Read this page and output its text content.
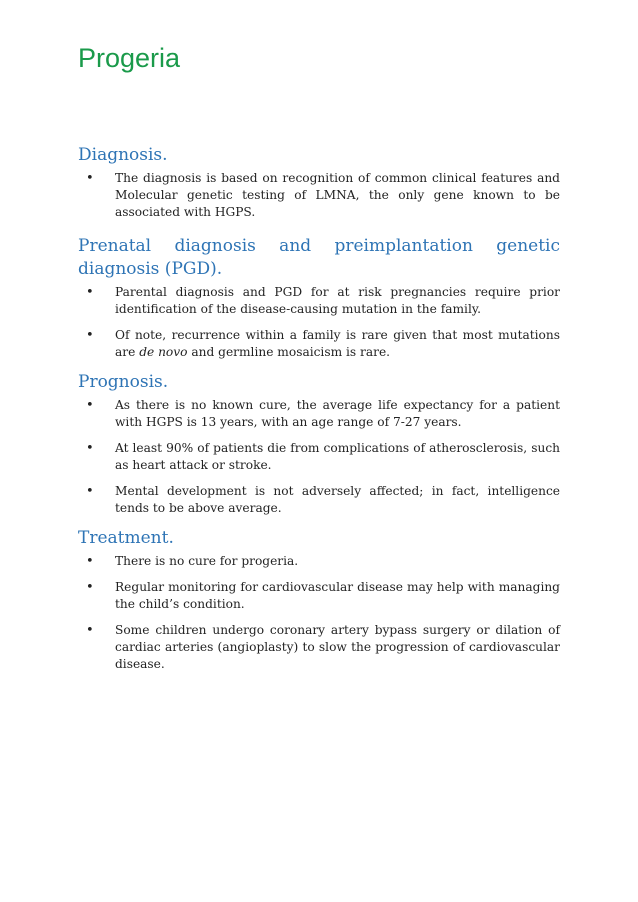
Progeria
Diagnosis.
• The diagnosis is based on recognition of common clinical features and Molecular genetic testing of LMNA, the only gene known to be associated with HGPS.
Prenatal diagnosis and preimplantation genetic diagnosis (PGD).
• Parental diagnosis and PGD for at risk pregnancies require prior identification of the disease-causing mutation in the family.
• Of note, recurrence within a family is rare given that most mutations are de novo and germline mosaicism is rare.
Prognosis.
• As there is no known cure, the average life expectancy for a patient with HGPS is 13 years, with an age range of 7-27 years.
• At least 90% of patients die from complications of atherosclerosis, such as heart attack or stroke.
• Mental development is not adversely affected; in fact, intelligence tends to be above average.
Treatment.
• There is no cure for progeria.
• Regular monitoring for cardiovascular disease may help with managing the child’s condition.
• Some children undergo coronary artery bypass surgery or dilation of cardiac arteries (angioplasty) to slow the progression of cardiovascular disease.
